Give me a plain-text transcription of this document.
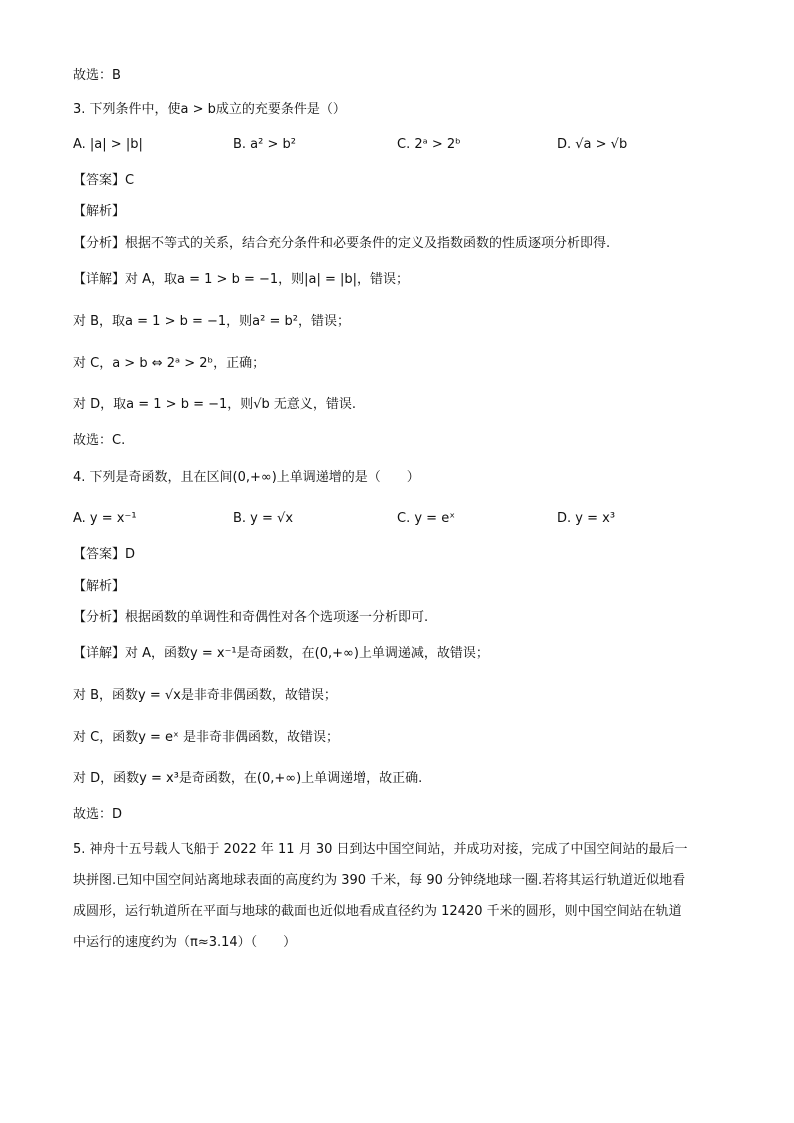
故选：B
3. 下列条件中，使a > b成立的充要条件是（）
A. |a| > |b|	B. a² > b²	C. 2ᵃ > 2ᵇ	D. √a > √b
【答案】C
【解析】
【分析】根据不等式的关系，结合充分条件和必要条件的定义及指数函数的性质逐项分析即得.
【详解】对 A，取a = 1 > b = −1，则|a| = |b|，错误；
对 B，取a = 1 > b = −1，则a² = b²，错误；
对 C，a > b ⇔ 2ᵃ > 2ᵇ，正确；
对 D，取a = 1 > b = −1，则√b 无意义，错误.
故选：C.
4. 下列是奇函数，且在区间(0,+∞)上单调递增的是（　　）
A. y = x⁻¹	B. y = √x	C. y = eˣ	D. y = x³
【答案】D
【解析】
【分析】根据函数的单调性和奇偶性对各个选项逐一分析即可.
【详解】对 A，函数y = x⁻¹是奇函数，在(0,+∞)上单调递减，故错误；
对 B，函数y = √x是非奇非偶函数，故错误；
对 C，函数y = eˣ 是非奇非偶函数，故错误；
对 D，函数y = x³是奇函数，在(0,+∞)上单调递增，故正确.
故选：D
5. 神舟十五号载人飞船于 2022 年 11 月 30 日到达中国空间站，并成功对接，完成了中国空间站的最后一
块拼图.已知中国空间站离地球表面的高度约为 390 千米，每 90 分钟绕地球一圈.若将其运行轨道近似地看
成圆形，运行轨道所在平面与地球的截面也近似地看成直径约为 12420 千米的圆形，则中国空间站在轨道
中运行的速度约为（π≈3.14）（　　）
